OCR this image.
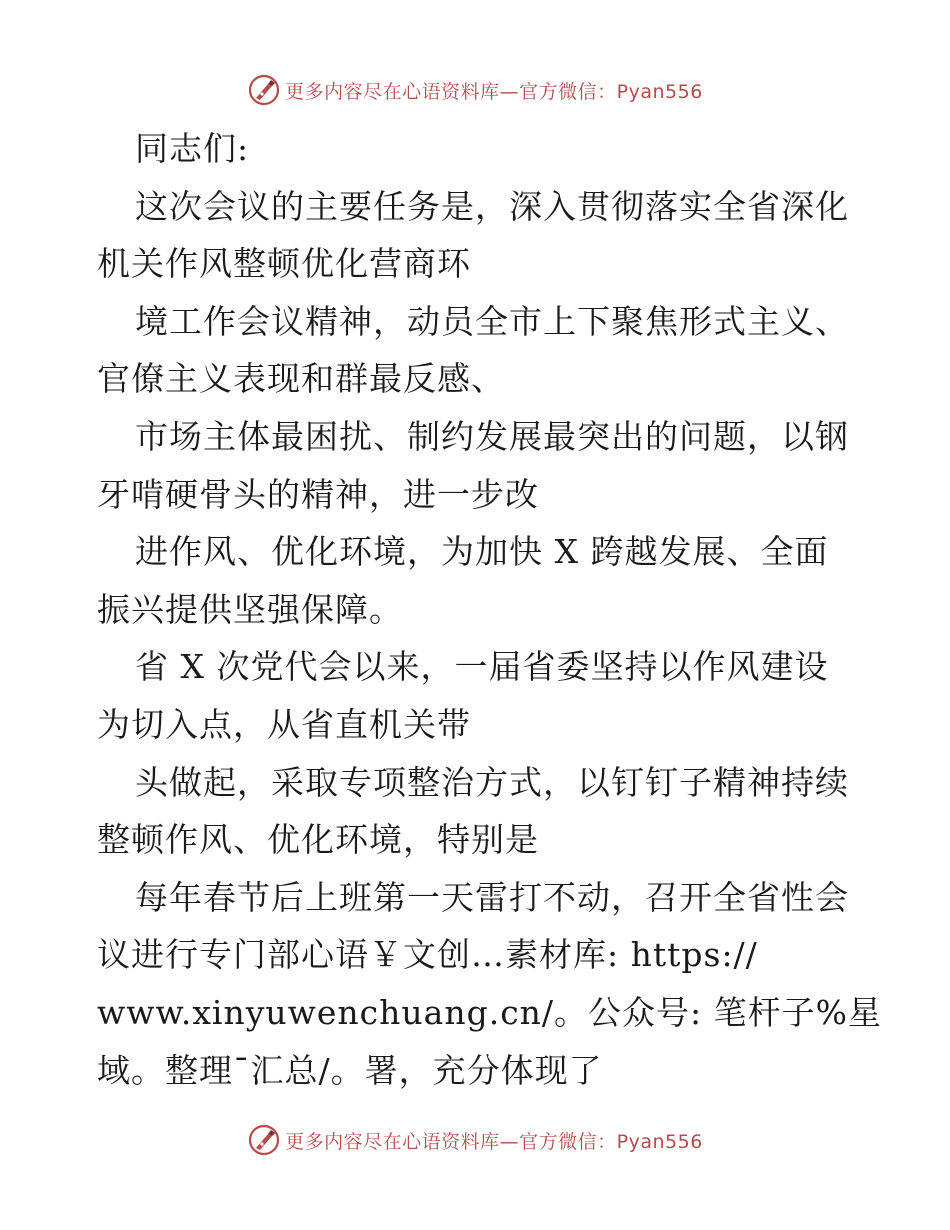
更多内容尽在心语资料库—官方微信：Pyan556
同志们:
这次会议的主要任务是，深入贯彻落实全省深化
机关作风整顿优化营商环
境工作会议精神，动员全市上下聚焦形式主义、
官僚主义表现和群最反感、
市场主体最困扰、制约发展最突出的问题，以钢
牙啃硬骨头的精神，进一步改
进作风、优化环境，为加快 X 跨越发展、全面
振兴提供坚强保障。
省 X 次党代会以来，一届省委坚持以作风建设
为切入点，从省直机关带
头做起，采取专项整治方式，以钉钉子精神持续
整顿作风、优化环境，特别是
每年春节后上班第一天雷打不动，召开全省性会
议进行专门部心语￥文创…素材库: https://
www.xinyuwenchuang.cn/。公众号: 笔杆子%星
域。整理¯汇总/。署，充分体现了
更多内容尽在心语资料库—官方微信：Pyan556
